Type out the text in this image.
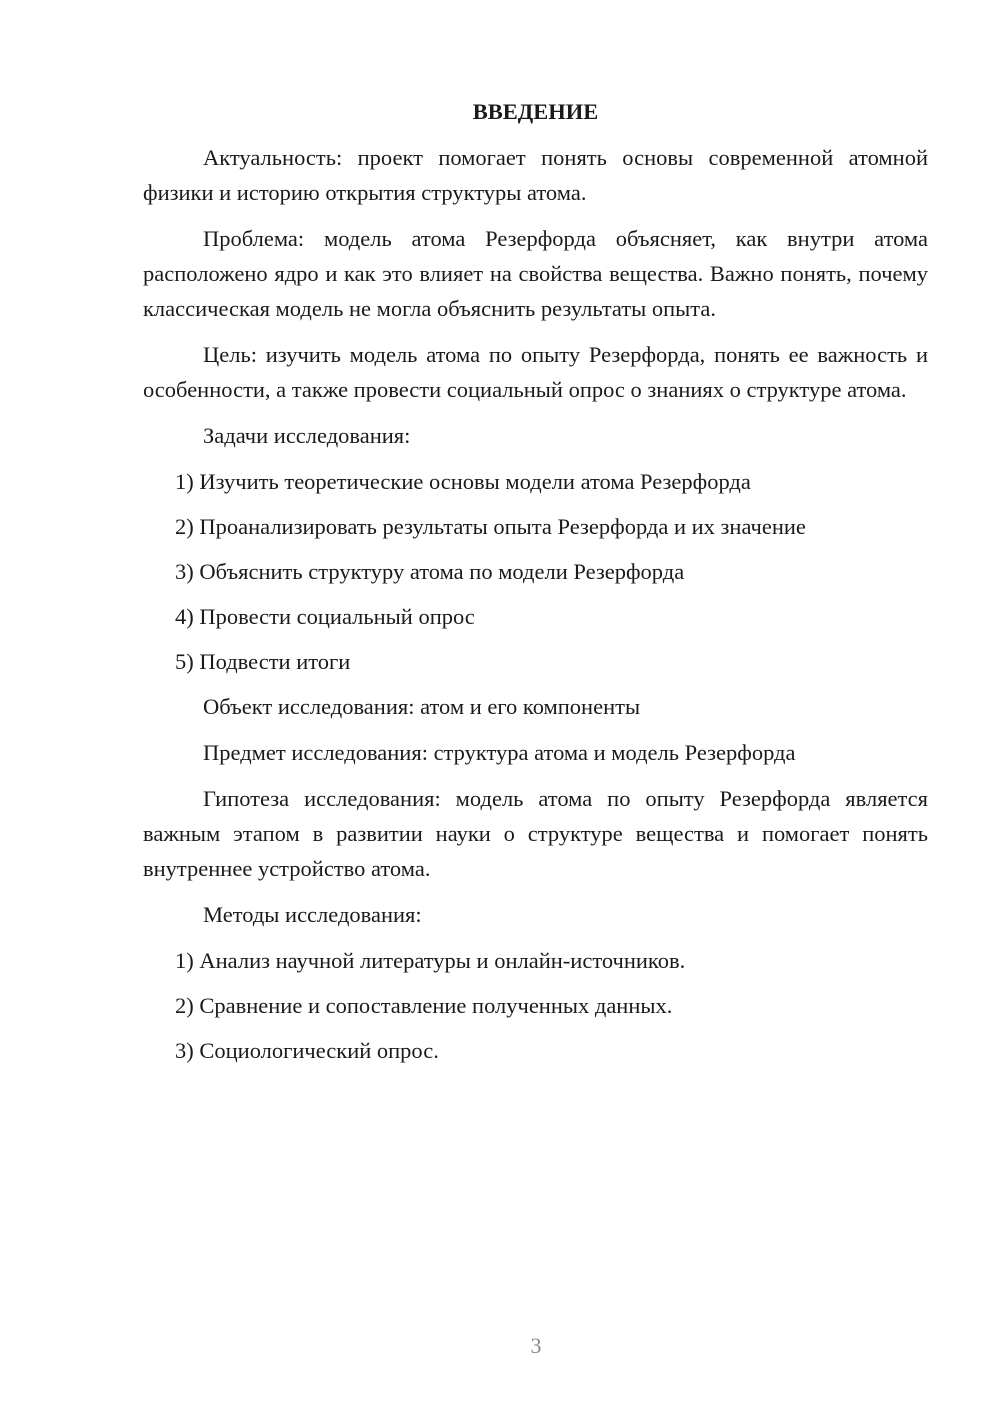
ВВЕДЕНИЕ

Актуальность: проект помогает понять основы современной атомной физики и историю открытия структуры атома.

Проблема: модель атома Резерфорда объясняет, как внутри атома расположено ядро и как это влияет на свойства вещества. Важно понять, почему классическая модель не могла объяснить результаты опыта.

Цель: изучить модель атома по опыту Резерфорда, понять ее важность и особенности, а также провести социальный опрос о знаниях о структуре атома.

Задачи исследования:

1) Изучить теоретические основы модели атома Резерфорда

2) Проанализировать результаты опыта Резерфорда и их значение

3) Объяснить структуру атома по модели Резерфорда

4) Провести социальный опрос

5) Подвести итоги

Объект исследования: атом и его компоненты

Предмет исследования: структура атома и модель Резерфорда

Гипотеза исследования: модель атома по опыту Резерфорда является важным этапом в развитии науки о структуре вещества и помогает понять внутреннее устройство атома.

Методы исследования:

1) Анализ научной литературы и онлайн-источников.

2) Сравнение и сопоставление полученных данных.

3) Социологический опрос.

3
